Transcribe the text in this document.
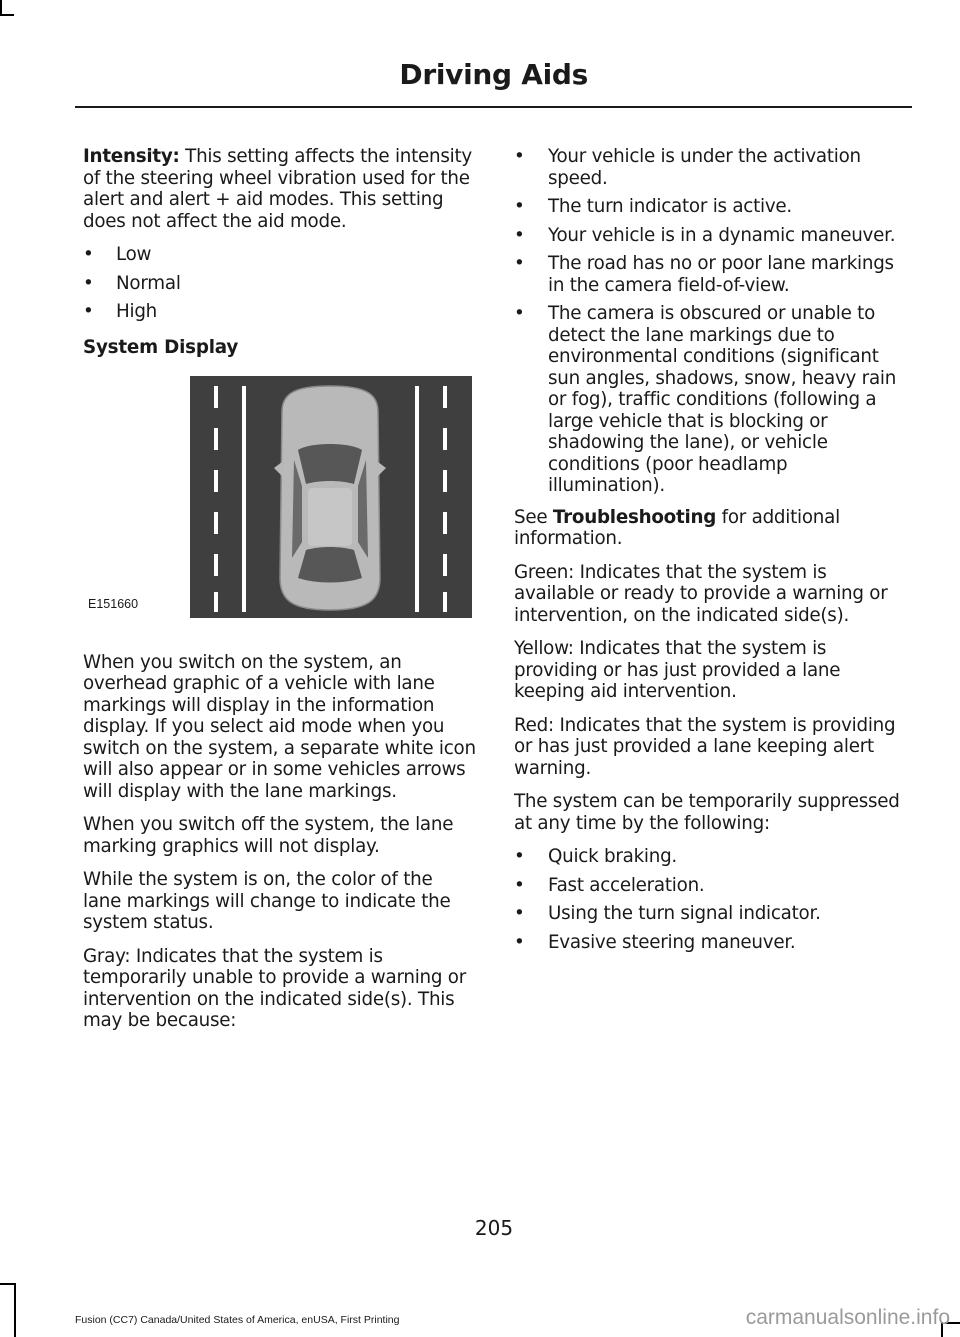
Driving Aids

Intensity: This setting affects the intensity of the steering wheel vibration used for the alert and alert + aid modes. This setting does not affect the aid mode.

• Low
• Normal
• High
System Display
E151660

When you switch on the system, an overhead graphic of a vehicle with lane markings will display in the information display. If you select aid mode when you switch on the system, a separate white icon will also appear or in some vehicles arrows will display with the lane markings.

When you switch off the system, the lane marking graphics will not display.

While the system is on, the color of the lane markings will change to indicate the system status.

Gray: Indicates that the system is temporarily unable to provide a warning or intervention on the indicated side(s). This may be because:

• Your vehicle is under the activation speed.
• The turn indicator is active.
• Your vehicle is in a dynamic maneuver.
• The road has no or poor lane markings in the camera field-of-view.
• The camera is obscured or unable to detect the lane markings due to environmental conditions (significant sun angles, shadows, snow, heavy rain or fog), traffic conditions (following a large vehicle that is blocking or shadowing the lane), or vehicle conditions (poor headlamp illumination).

See Troubleshooting for additional information.

Green: Indicates that the system is available or ready to provide a warning or intervention, on the indicated side(s).

Yellow: Indicates that the system is providing or has just provided a lane keeping aid intervention.

Red: Indicates that the system is providing or has just provided a lane keeping alert warning.

The system can be temporarily suppressed at any time by the following:

• Quick braking.
• Fast acceleration.
• Using the turn signal indicator.
• Evasive steering maneuver.
205
Fusion (CC7) Canada/United States of America, enUSA, First Printing	carmanualsonline.info
